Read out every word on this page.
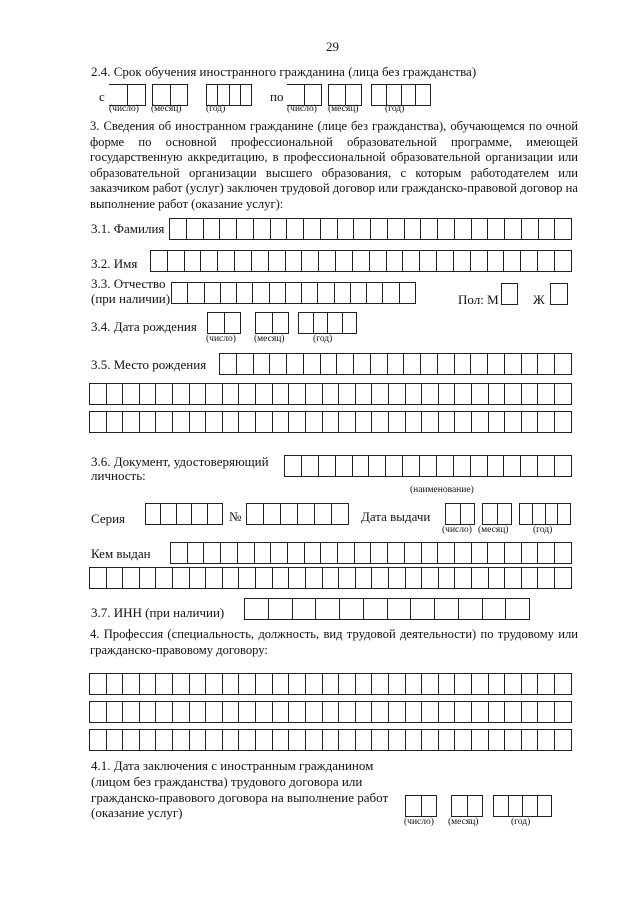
29
2.4. Срок обучения иностранного гражданина (лица без гражданства)
с
(число) (месяц)	(год)
по
(число) (месяц)	(год)
3. Сведения об иностранном гражданине (лице без гражданства), обучающемся по очной форме по основной профессиональной образовательной программе, имеющей государственную аккредитацию, в профессиональной образовательной организации или образовательной организации высшего образования, с которым работодателем или заказчиком работ (услуг) заключен трудовой договор или гражданско-правовой договор на выполнение работ (оказание услуг):
3.1. Фамилия
3.2. Имя
3.3. Отчество
(при наличии)	Пол: М	Ж
3.4. Дата рождения
(число) (месяц)	(год)
3.5. Место рождения
3.6. Документ, удостоверяющий
личность:
(наименование)
Серия	№	Дата выдачи
(число) (месяц)	(год)
Кем выдан
3.7. ИНН (при наличии)
4. Профессия (специальность, должность, вид трудовой деятельности) по трудовому или гражданско-правовому договору:
4.1. Дата заключения с иностранным гражданином
(лицом без гражданства) трудового договора или
гражданско-правового договора на выполнение работ
(оказание услуг)
(число) (месяц)	(год)
